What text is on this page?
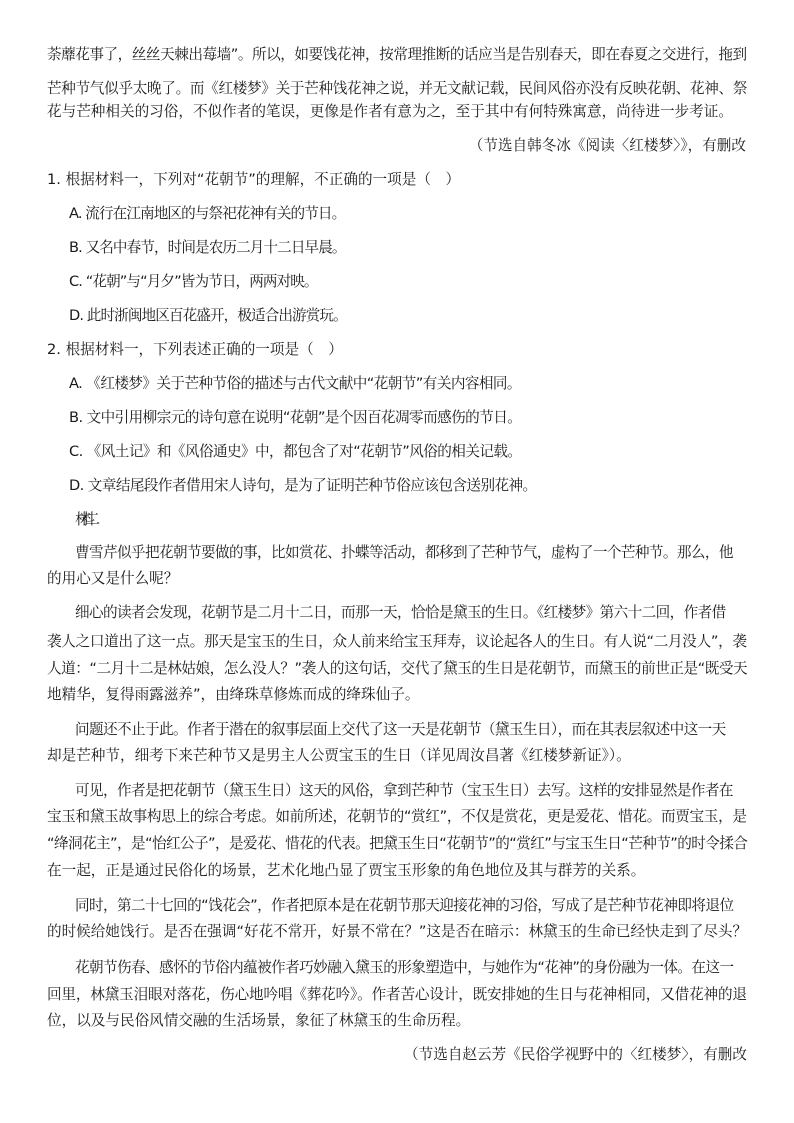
荼蘼花事了，丝丝天棘出莓墙”。所以，如要饯花神，按常理推断的话应当是告别春天，即在春夏之交进行，拖到
芒种节气似乎太晚了。而《红楼梦》关于芒种饯花神之说，并无文献记载，民间风俗亦没有反映花朝、花神、祭
花与芒种相关的习俗，不似作者的笔误，更像是作者有意为之，至于其中有何特殊寓意，尚待进一步考证。
（节选自韩冬冰《阅读〈红楼梦〉》，有删改
1. 根据材料一，下列对“花朝节”的理解，不正确的一项是（　）
A. 流行在江南地区的与祭祀花神有关的节日。
B. 又名中春节，时间是农历二月十二日早晨。
C. “花朝”与“月夕”皆为节日，两两对映。
D. 此时浙闽地区百花盛开，极适合出游赏玩。
2. 根据材料一，下列表述正确的一项是（　）
A. 《红楼梦》关于芒种节俗的描述与古代文献中“花朝节”有关内容相同。
B. 文中引用柳宗元的诗句意在说明“花朝”是个因百花凋零而感伤的节日。
C. 《风土记》和《风俗通史》中，都包含了对“花朝节”风俗的相关记载。
D. 文章结尾段作者借用宋人诗句，是为了证明芒种节俗应该包含送别花神。
材料二
曹雪芹似乎把花朝节要做的事，比如赏花、扑蝶等活动，都移到了芒种节气，虚构了一个芒种节。那么，他
的用心又是什么呢？
细心的读者会发现，花朝节是二月十二日，而那一天，恰恰是黛玉的生日。《红楼梦》第六十二回，作者借
袭人之口道出了这一点。那天是宝玉的生日，众人前来给宝玉拜寿，议论起各人的生日。有人说“二月没人”，袭
人道：“二月十二是林姑娘，怎么没人？”袭人的这句话，交代了黛玉的生日是花朝节，而黛玉的前世正是“既受天
地精华，复得雨露滋养”，由绛珠草修炼而成的绛珠仙子。
问题还不止于此。作者于潜在的叙事层面上交代了这一天是花朝节（黛玉生日），而在其表层叙述中这一天
却是芒种节，细考下来芒种节又是男主人公贾宝玉的生日（详见周汝昌著《红楼梦新证》）。
可见，作者是把花朝节（黛玉生日）这天的风俗，拿到芒种节（宝玉生日）去写。这样的安排显然是作者在
宝玉和黛玉故事构思上的综合考虑。如前所述，花朝节的“赏红”，不仅是赏花，更是爱花、惜花。而贾宝玉，是
“绛洞花主”，是“怡红公子”，是爱花、惜花的代表。把黛玉生日“花朝节”的“赏红”与宝玉生日“芒种节”的时令揉合
在一起，正是通过民俗化的场景，艺术化地凸显了贾宝玉形象的角色地位及其与群芳的关系。
同时，第二十七回的“饯花会”，作者把原本是在花朝节那天迎接花神的习俗，写成了是芒种节花神即将退位
的时候给她饯行。是否在强调“好花不常开，好景不常在？”这是否在暗示：林黛玉的生命已经快走到了尽头？
花朝节伤春、感怀的节俗内蕴被作者巧妙融入黛玉的形象塑造中，与她作为“花神”的身份融为一体。在这一
回里，林黛玉泪眼对落花，伤心地吟唱《葬花吟》。作者苦心设计，既安排她的生日与花神相同，又借花神的退
位，以及与民俗风情交融的生活场景，象征了林黛玉的生命历程。
（节选自赵云芳《民俗学视野中的〈红楼梦〉，有删改
